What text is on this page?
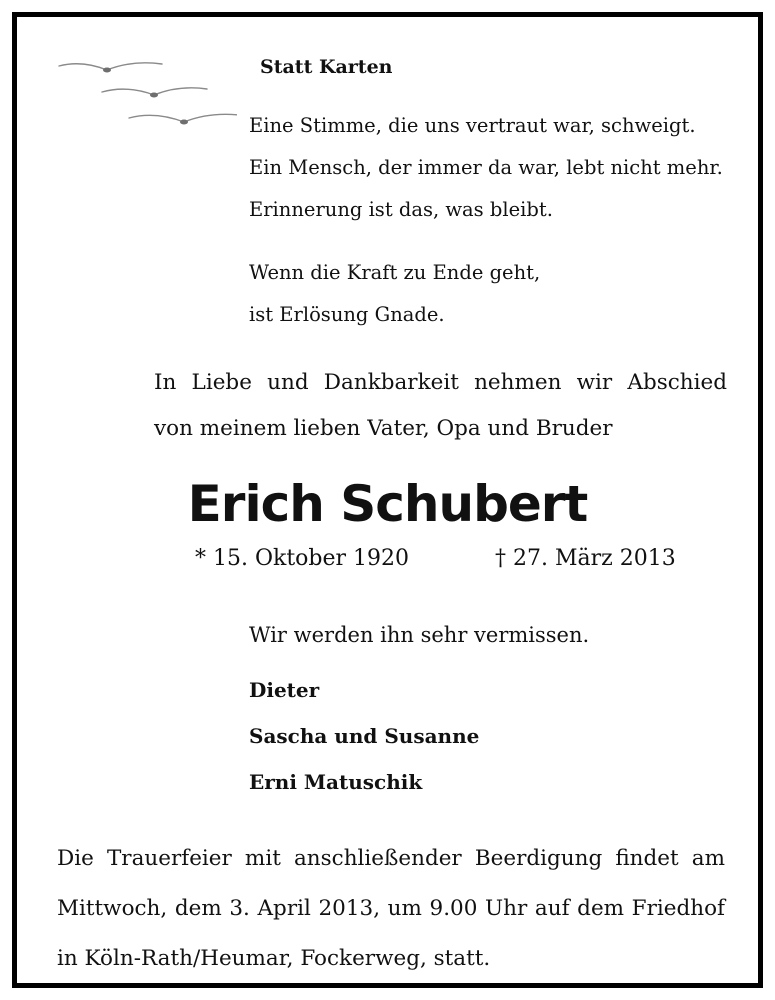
Statt Karten
Eine Stimme, die uns vertraut war, schweigt.
Ein Mensch, der immer da war, lebt nicht mehr.
Erinnerung ist das, was bleibt.
Wenn die Kraft zu Ende geht,
ist Erlösung Gnade.
In Liebe und Dankbarkeit nehmen wir Abschied
von meinem lieben Vater, Opa und Bruder
Erich Schubert
* 15. Oktober 1920	† 27. März 2013
Wir werden ihn sehr vermissen.
Dieter
Sascha und Susanne
Erni Matuschik
Die Trauerfeier mit anschließender Beerdigung findet am
Mittwoch, dem 3. April 2013, um 9.00 Uhr auf dem Friedhof
in Köln-Rath/Heumar, Fockerweg, statt.
